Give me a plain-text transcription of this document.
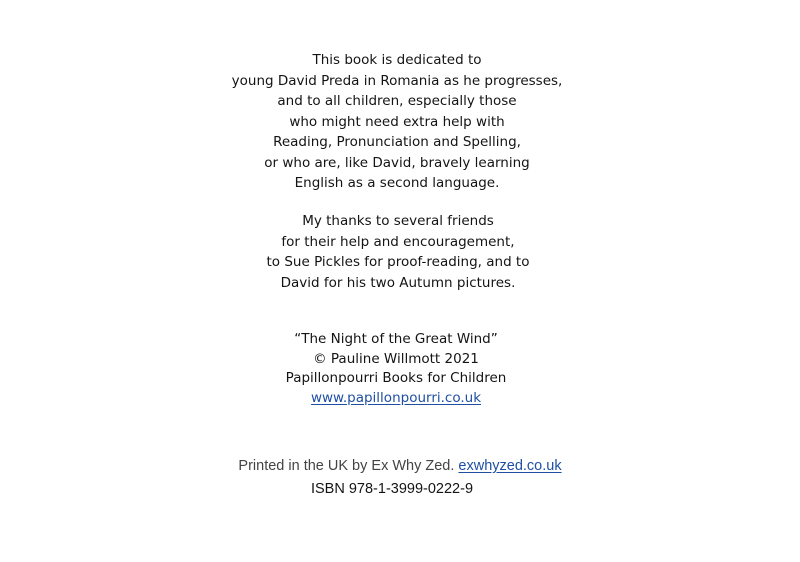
This book is dedicated to
young David Preda in Romania as he progresses,
and to all children, especially those
who might need extra help with
Reading, Pronunciation and Spelling,
or who are, like David, bravely learning
English as a second language.
My thanks to several friends
for their help and encouragement,
to Sue Pickles for proof-reading, and to
David for his two Autumn pictures.
“The Night of the Great Wind”
© Pauline Willmott 2021
Papillonpourri Books for Children
www.papillonpourri.co.uk
Printed in the UK by Ex Why Zed. exwhyzed.co.uk
ISBN 978-1-3999-0222-9
